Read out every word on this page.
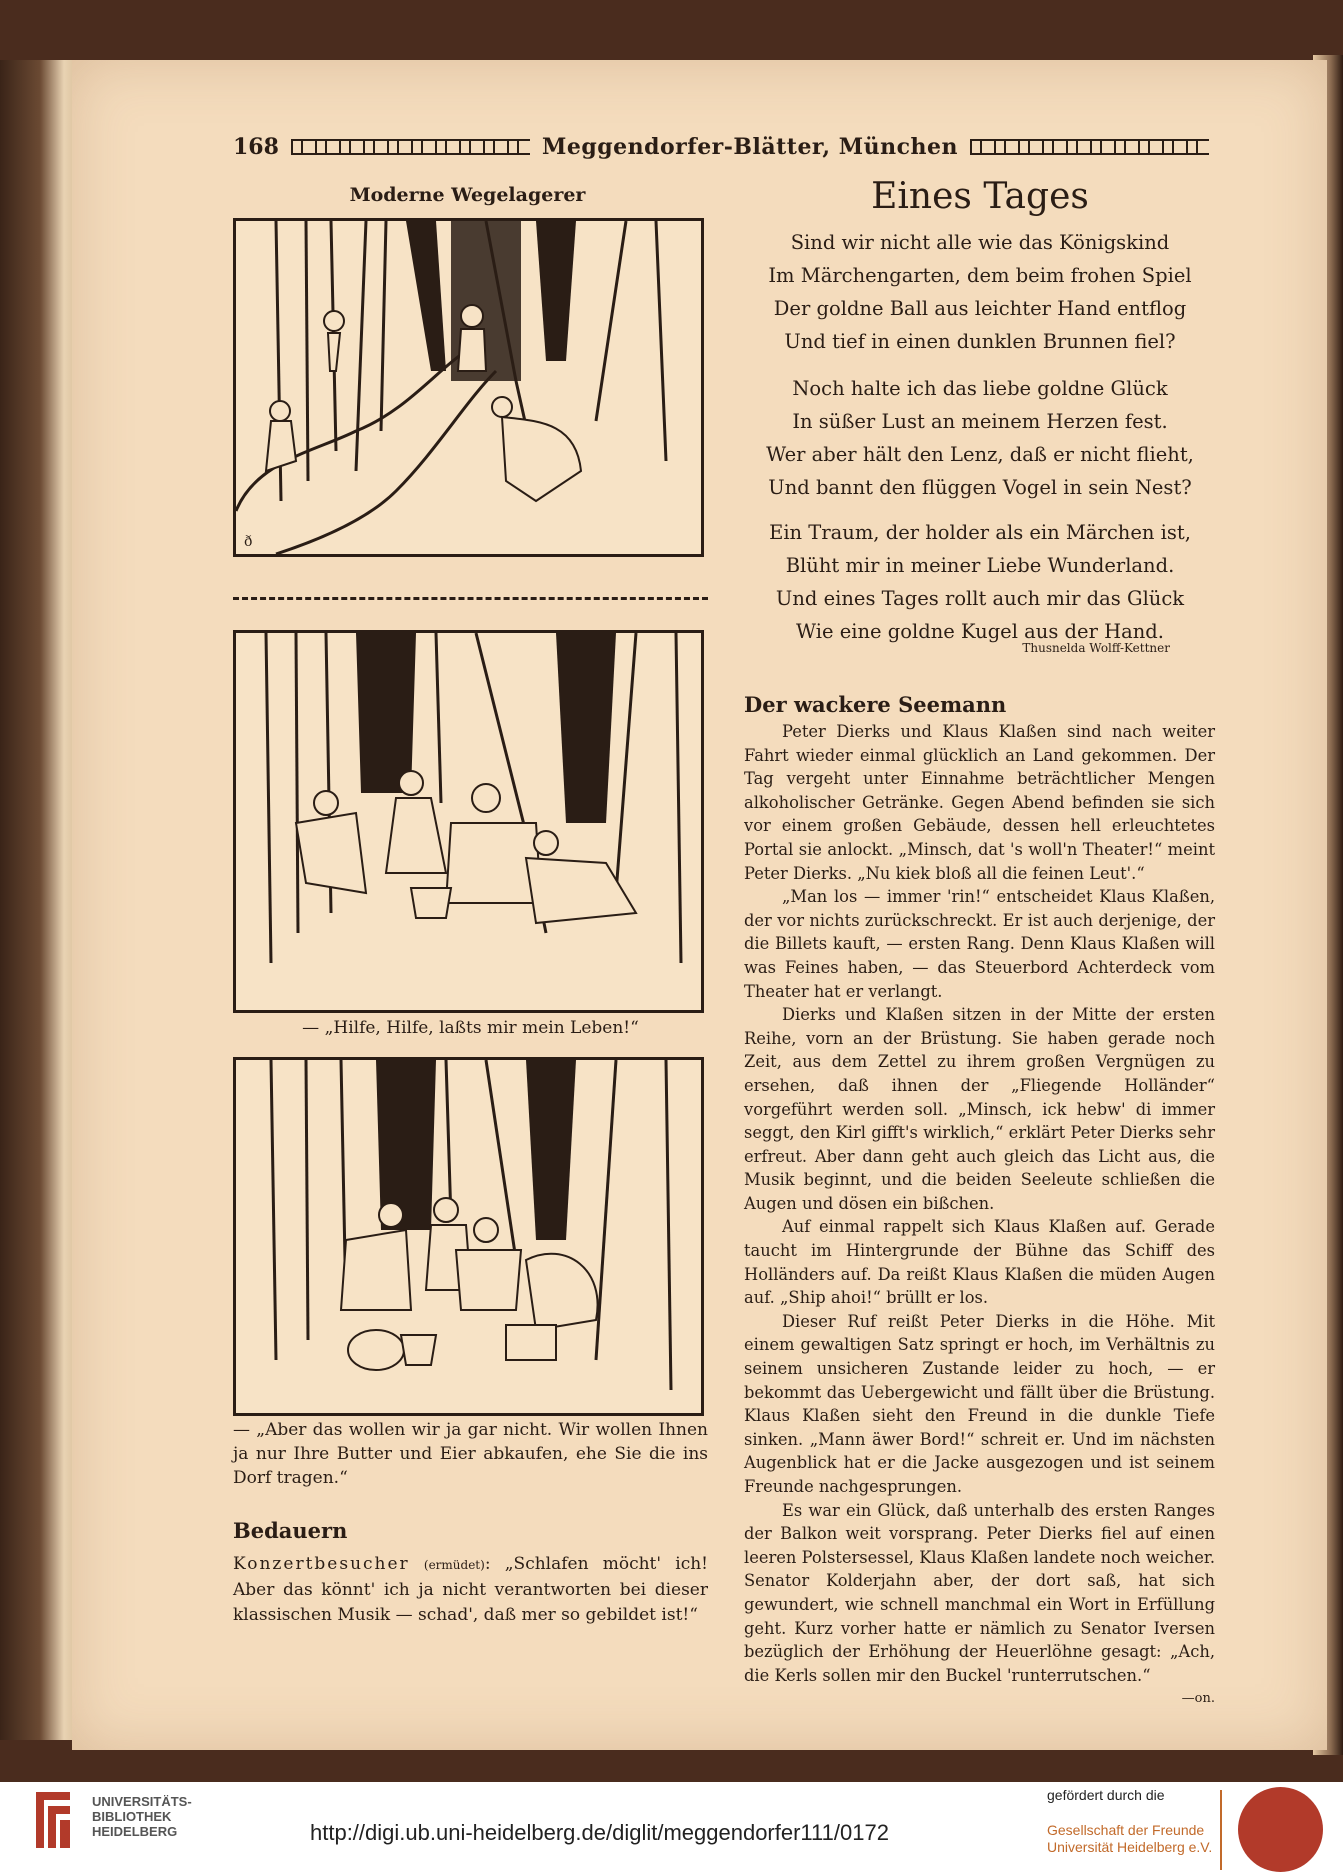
168	Meggendorfer-Blätter, München
Moderne Wegelagerer
ð
— „Hilfe, Hilfe, laßts mir mein Leben!“
— „Aber das wollen wir ja gar nicht. Wir wollen Ihnen ja nur Ihre Butter und Eier abkaufen, ehe Sie die ins Dorf tragen.“
Bedauern
Konzertbesucher (ermüdet): „Schlafen möcht' ich! Aber das könnt' ich ja nicht verantworten bei dieser klassischen Musik — schad', daß mer so gebildet ist!“
Eines Tages
Sind wir nicht alle wie das Königskind
Im Märchengarten, dem beim frohen Spiel
Der goldne Ball aus leichter Hand entflog
Und tief in einen dunklen Brunnen fiel?
Noch halte ich das liebe goldne Glück
In süßer Lust an meinem Herzen fest.
Wer aber hält den Lenz, daß er nicht flieht,
Und bannt den flüggen Vogel in sein Nest?
Ein Traum, der holder als ein Märchen ist,
Blüht mir in meiner Liebe Wunderland.
Und eines Tages rollt auch mir das Glück
Wie eine goldne Kugel aus der Hand.
Thusnelda Wolff-Kettner
Der wackere Seemann

Peter Dierks und Klaus Klaßen sind nach weiter Fahrt wieder einmal glücklich an Land gekommen. Der Tag vergeht unter Einnahme beträchtlicher Mengen alkoholischer Getränke. Gegen Abend befinden sie sich vor einem großen Gebäude, dessen hell erleuchtetes Portal sie anlockt. „Minsch, dat 's woll'n Theater!“ meint Peter Dierks. „Nu kiek bloß all die feinen Leut'.“

„Man los — immer 'rin!“ entscheidet Klaus Klaßen, der vor nichts zurückschreckt. Er ist auch derjenige, der die Billets kauft, — ersten Rang. Denn Klaus Klaßen will was Feines haben, — das Steuerbord Achterdeck vom Theater hat er verlangt.

Dierks und Klaßen sitzen in der Mitte der ersten Reihe, vorn an der Brüstung. Sie haben gerade noch Zeit, aus dem Zettel zu ihrem großen Vergnügen zu ersehen, daß ihnen der „Fliegende Holländer“ vorgeführt werden soll. „Minsch, ick hebw' di immer seggt, den Kirl gifft's wirklich,“ erklärt Peter Dierks sehr erfreut. Aber dann geht auch gleich das Licht aus, die Musik beginnt, und die beiden Seeleute schließen die Augen und dösen ein bißchen.

Auf einmal rappelt sich Klaus Klaßen auf. Gerade taucht im Hintergrunde der Bühne das Schiff des Holländers auf. Da reißt Klaus Klaßen die müden Augen auf. „Ship ahoi!“ brüllt er los.

Dieser Ruf reißt Peter Dierks in die Höhe. Mit einem gewaltigen Satz springt er hoch, im Verhältnis zu seinem unsicheren Zustande leider zu hoch, — er bekommt das Uebergewicht und fällt über die Brüstung. Klaus Klaßen sieht den Freund in die dunkle Tiefe sinken. „Mann äwer Bord!“ schreit er. Und im nächsten Augenblick hat er die Jacke ausgezogen und ist seinem Freunde nachgesprungen.

Es war ein Glück, daß unterhalb des ersten Ranges der Balkon weit vorsprang. Peter Dierks fiel auf einen leeren Polstersessel, Klaus Klaßen landete noch weicher. Senator Kolderjahn aber, der dort saß, hat sich gewundert, wie schnell manchmal ein Wort in Erfüllung geht. Kurz vorher hatte er nämlich zu Senator Iversen bezüglich der Erhöhung der Heuerlöhne gesagt: „Ach, die Kerls sollen mir den Buckel 'runterrutschen.“

—on.
UNIVERSITÄTS-
BIBLIOTHEK
HEIDELBERG	http://digi.ub.uni-heidelberg.de/diglit/meggendorfer111/0172
gefördert durch die
Gesellschaft der Freunde
Universität Heidelberg e.V.
